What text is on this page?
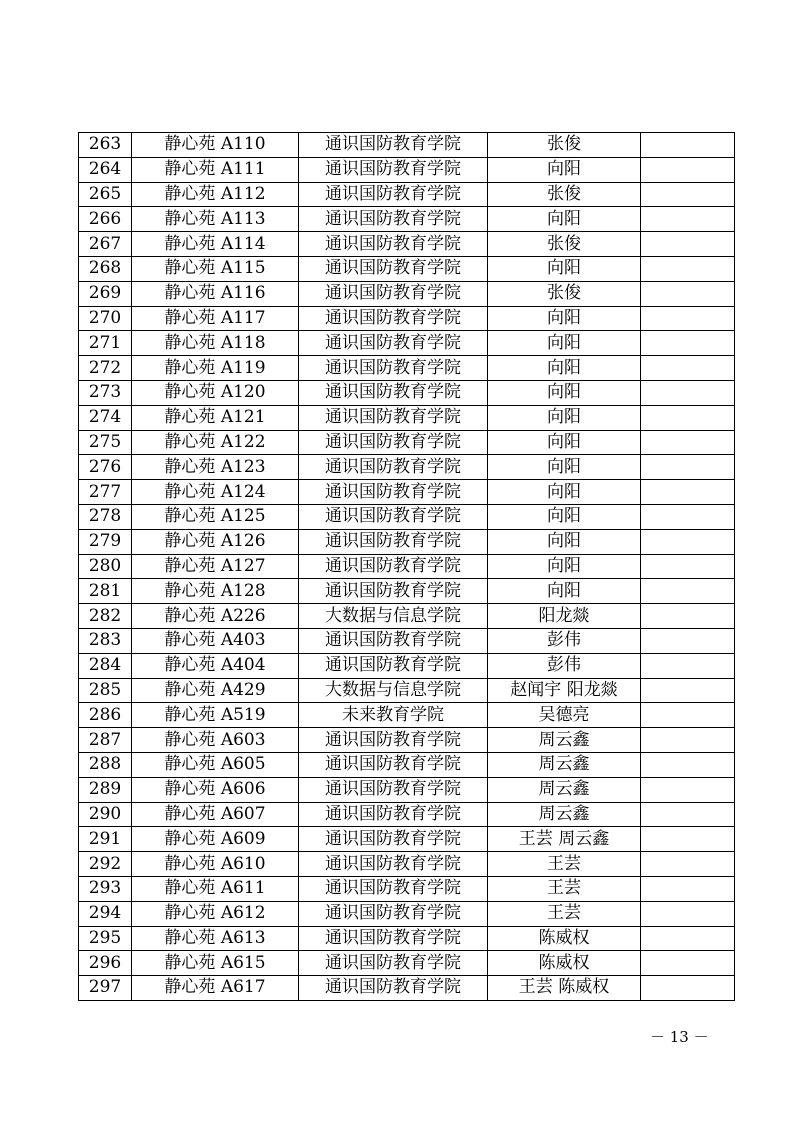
263	静心苑 A110	通识国防教育学院	张俊	
264	静心苑 A111	通识国防教育学院	向阳	
265	静心苑 A112	通识国防教育学院	张俊	
266	静心苑 A113	通识国防教育学院	向阳	
267	静心苑 A114	通识国防教育学院	张俊	
268	静心苑 A115	通识国防教育学院	向阳	
269	静心苑 A116	通识国防教育学院	张俊	
270	静心苑 A117	通识国防教育学院	向阳	
271	静心苑 A118	通识国防教育学院	向阳	
272	静心苑 A119	通识国防教育学院	向阳	
273	静心苑 A120	通识国防教育学院	向阳	
274	静心苑 A121	通识国防教育学院	向阳	
275	静心苑 A122	通识国防教育学院	向阳	
276	静心苑 A123	通识国防教育学院	向阳	
277	静心苑 A124	通识国防教育学院	向阳	
278	静心苑 A125	通识国防教育学院	向阳	
279	静心苑 A126	通识国防教育学院	向阳	
280	静心苑 A127	通识国防教育学院	向阳	
281	静心苑 A128	通识国防教育学院	向阳	
282	静心苑 A226	大数据与信息学院	阳龙燚	
283	静心苑 A403	通识国防教育学院	彭伟	
284	静心苑 A404	通识国防教育学院	彭伟	
285	静心苑 A429	大数据与信息学院	赵闻宇 阳龙燚	
286	静心苑 A519	未来教育学院	吴德亮	
287	静心苑 A603	通识国防教育学院	周云鑫	
288	静心苑 A605	通识国防教育学院	周云鑫	
289	静心苑 A606	通识国防教育学院	周云鑫	
290	静心苑 A607	通识国防教育学院	周云鑫	
291	静心苑 A609	通识国防教育学院	王芸 周云鑫	
292	静心苑 A610	通识国防教育学院	王芸	
293	静心苑 A611	通识国防教育学院	王芸	
294	静心苑 A612	通识国防教育学院	王芸	
295	静心苑 A613	通识国防教育学院	陈威权	
296	静心苑 A615	通识国防教育学院	陈威权	
297	静心苑 A617	通识国防教育学院	王芸 陈威权	
－ 13 －
